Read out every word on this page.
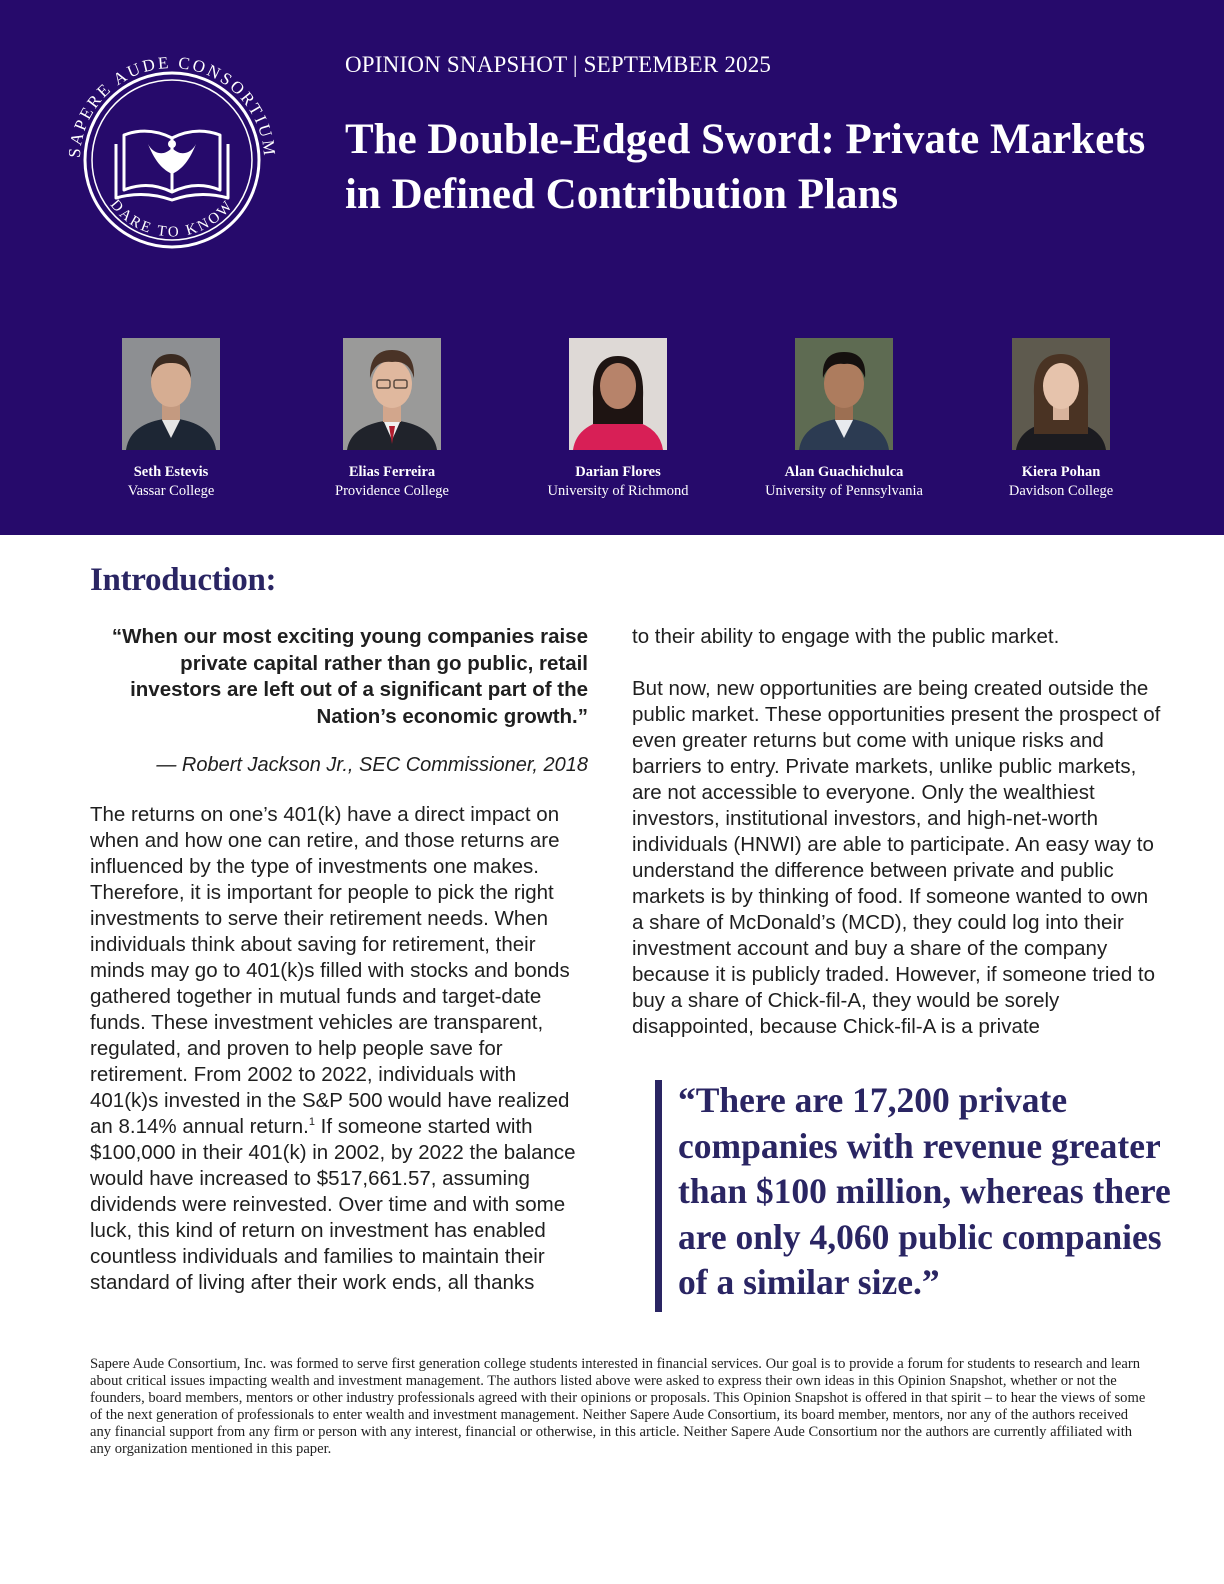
SAPERE AUDE CONSORTIUM
DARE TO KNOW
OPINION SNAPSHOT | SEPTEMBER 2025
The Double-Edged Sword: Private Markets in Defined Contribution Plans
Seth Estevis
Vassar College
Elias Ferreira
Providence College
Darian Flores
University of Richmond
Alan Guachichulca
University of Pennsylvania
Kiera Pohan
Davidson College
Introduction:

“When our most exciting young companies raise private capital rather than go public, retail investors are left out of a significant part of the Nation’s economic growth.”

— Robert Jackson Jr., SEC Commissioner, 2018

The returns on one’s 401(k) have a direct impact on when and how one can retire, and those returns are influenced by the type of investments one makes. Therefore, it is important for people to pick the right investments to serve their retirement needs. When individuals think about saving for retirement, their minds may go to 401(k)s filled with stocks and bonds gathered together in mutual funds and target-date funds. These investment vehicles are transparent, regulated, and proven to help people save for retirement. From 2002 to 2022, individuals with 401(k)s invested in the S&P 500 would have realized an 8.14% annual return.$^1$ If someone started with $100,000 in their 401(k) in 2002, by 2022 the balance would have increased to $517,661.57, assuming dividends were reinvested. Over time and with some luck, this kind of return on investment has enabled countless individuals and families to maintain their standard of living after their work ends, all thanks

to their ability to engage with the public market.

But now, new opportunities are being created outside the public market. These opportunities present the prospect of even greater returns but come with unique risks and barriers to entry. Private markets, unlike public markets, are not accessible to everyone. Only the wealthiest investors, institutional investors, and high-net-worth individuals (HNWI) are able to participate. An easy way to understand the difference between private and public markets is by thinking of food. If someone wanted to own a share of McDonald’s (MCD), they could log into their investment account and buy a share of the company because it is publicly traded. However, if someone tried to buy a share of Chick-fil-A, they would be sorely disappointed, because Chick-fil-A is a private

“There are 17,200 private companies with revenue greater than $100 million, whereas there are only 4,060 public companies of a similar size.”

Sapere Aude Consortium, Inc. was formed to serve first generation college students interested in financial services. Our goal is to provide a forum for students to research and learn about critical issues impacting wealth and investment management. The authors listed above were asked to express their own ideas in this Opinion Snapshot, whether or not the founders, board members, mentors or other industry professionals agreed with their opinions or proposals. This Opinion Snapshot is offered in that spirit – to hear the views of some of the next generation of professionals to enter wealth and investment management. Neither Sapere Aude Consortium, its board member, mentors, nor any of the authors received any financial support from any firm or person with any interest, financial or otherwise, in this article. Neither Sapere Aude Consortium nor the authors are currently affiliated with any organization mentioned in this paper.
